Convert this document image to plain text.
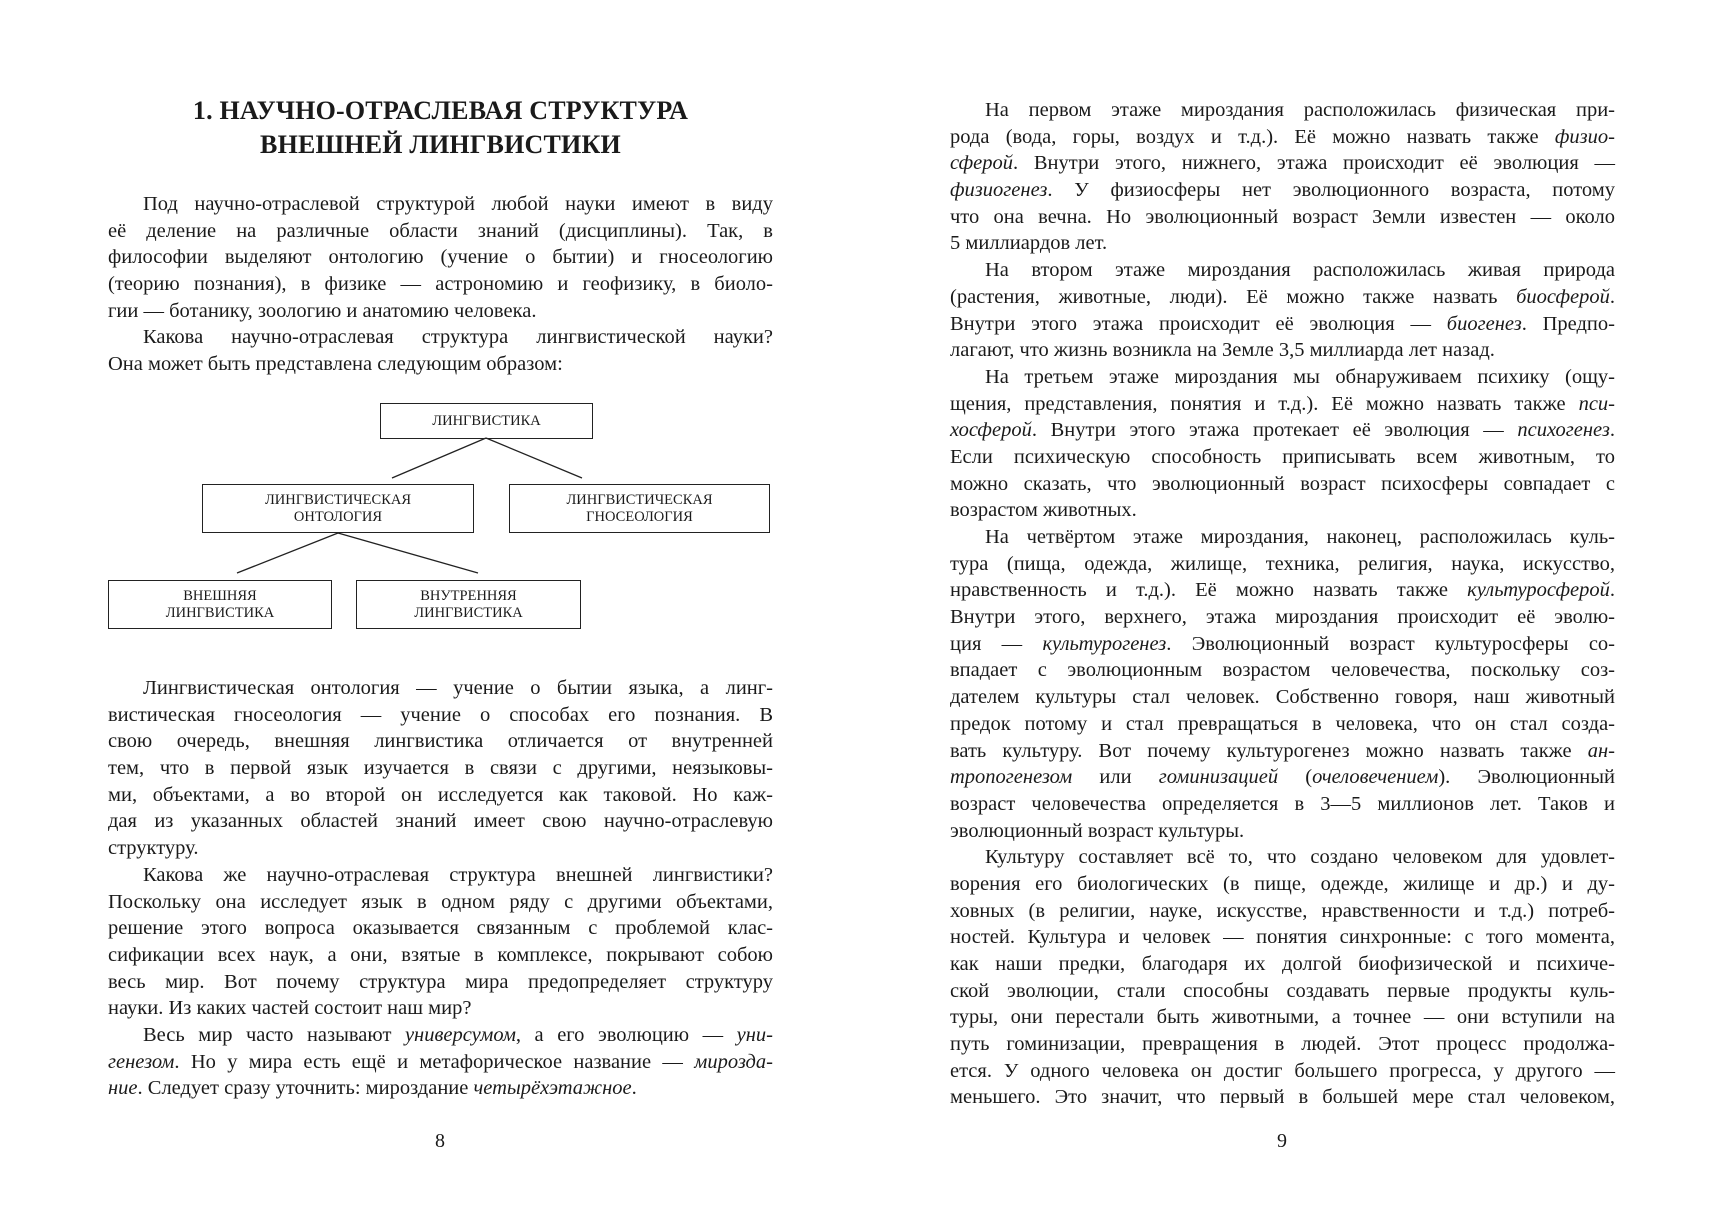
1. НАУЧНО-ОТРАСЛЕВАЯ СТРУКТУРА
ВНЕШНЕЙ ЛИНГВИСТИКИ
Под научно-отраслевой структурой любой науки имеют в виду
её деление на различные области знаний (дисциплины). Так, в
философии выделяют онтологию (учение о бытии) и гносеологию
(теорию познания), в физике — астрономию и геофизику, в биоло-
гии — ботанику, зоологию и анатомию человека.
Какова научно-отраслевая структура лингвистической науки?
Она может быть представлена следующим образом:
ЛИНГВИСТИКА
ЛИНГВИСТИЧЕСКАЯ
ОНТОЛОГИЯ
ЛИНГВИСТИЧЕСКАЯ
ГНОСЕОЛОГИЯ
ВНЕШНЯЯ
ЛИНГВИСТИКА
ВНУТРЕННЯЯ
ЛИНГВИСТИКА
Лингвистическая онтология — учение о бытии языка, а линг-
вистическая гносеология — учение о способах его познания. В
свою очередь, внешняя лингвистика отличается от внутренней
тем, что в первой язык изучается в связи с другими, неязыковы-
ми, объектами, а во второй он исследуется как таковой. Но каж-
дая из указанных областей знаний имеет свою научно-отраслевую
структуру.
Какова же научно-отраслевая структура внешней лингвистики?
Поскольку она исследует язык в одном ряду с другими объектами,
решение этого вопроса оказывается связанным с проблемой клас-
сификации всех наук, а они, взятые в комплексе, покрывают собою
весь мир. Вот почему структура мира предопределяет структуру
науки. Из каких частей состоит наш мир?
Весь мир часто называют универсумом, а его эволюцию — уни-
генезом. Но у мира есть ещё и метафорическое название — мирозда-
ние. Следует сразу уточнить: мироздание четырёхэтажное.
8
На первом этаже мироздания расположилась физическая при-
рода (вода, горы, воздух и т.д.). Её можно назвать также физио-
сферой. Внутри этого, нижнего, этажа происходит её эволюция —
физиогенез. У физиосферы нет эволюционного возраста, потому
что она вечна. Но эволюционный возраст Земли известен — около
5 миллиардов лет.
На втором этаже мироздания расположилась живая природа
(растения, животные, люди). Её можно также назвать биосферой.
Внутри этого этажа происходит её эволюция — биогенез. Предпо-
лагают, что жизнь возникла на Земле 3,5 миллиарда лет назад.
На третьем этаже мироздания мы обнаруживаем психику (ощу-
щения, представления, понятия и т.д.). Её можно назвать также пси-
хосферой. Внутри этого этажа протекает её эволюция — психогенез.
Если психическую способность приписывать всем животным, то
можно сказать, что эволюционный возраст психосферы совпадает с
возрастом животных.
На четвёртом этаже мироздания, наконец, расположилась куль-
тура (пища, одежда, жилище, техника, религия, наука, искусство,
нравственность и т.д.). Её можно назвать также культуросферой.
Внутри этого, верхнего, этажа мироздания происходит её эволю-
ция — культурогенез. Эволюционный возраст культуросферы со-
впадает с эволюционным возрастом человечества, поскольку соз-
дателем культуры стал человек. Собственно говоря, наш животный
предок потому и стал превращаться в человека, что он стал созда-
вать культуру. Вот почему культурогенез можно назвать также ан-
тропогенезом или гоминизацией (очеловечением). Эволюционный
возраст человечества определяется в 3—5 миллионов лет. Таков и
эволюционный возраст культуры.
Культуру составляет всё то, что создано человеком для удовлет-
ворения его биологических (в пище, одежде, жилище и др.) и ду-
ховных (в религии, науке, искусстве, нравственности и т.д.) потреб-
ностей. Культура и человек — понятия синхронные: с того момента,
как наши предки, благодаря их долгой биофизической и психиче-
ской эволюции, стали способны создавать первые продукты куль-
туры, они перестали быть животными, а точнее — они вступили на
путь гоминизации, превращения в людей. Этот процесс продолжа-
ется. У одного человека он достиг большего прогресса, у другого —
меньшего. Это значит, что первый в большей мере стал человеком,
9
